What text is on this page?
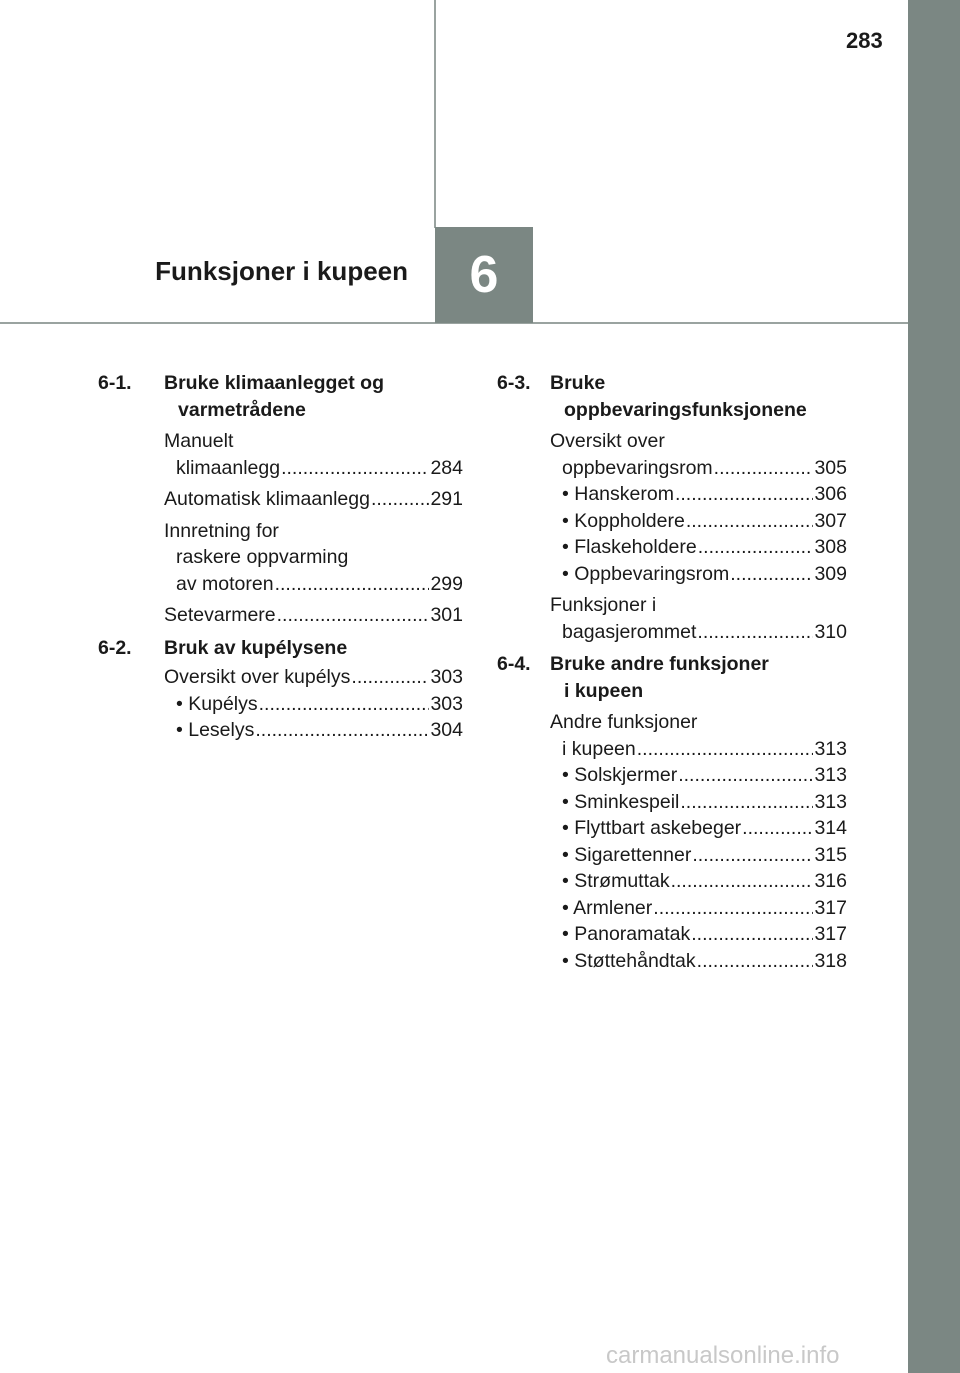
283
Funksjoner i kupeen 6
6-1. Bruke klimaanlegget og
varmetrådene
Manuelt
klimaanlegg .....	284
Automatisk klimaanlegg .....	291
Innretning for
raskere oppvarming
av motoren .....	299
Setevarmere .....	301
6-2. Bruk av kupélysene
Oversikt over kupélys .....	303
• Kupélys .....	303
• Leselys .....	304
6-3. Bruke
oppbevaringsfunksjonene
Oversikt over
oppbevaringsrom .....	305
• Hanskerom .....	306
• Koppholdere .....	307
• Flaskeholdere .....	308
• Oppbevaringsrom .....	309
Funksjoner i
bagasjerommet .....	310
6-4. Bruke andre funksjoner
i kupeen
Andre funksjoner
i kupeen .....	313
• Solskjermer .....	313
• Sminkespeil .....	313
• Flyttbart askebeger .....	314
• Sigarettenner .....	315
• Strømuttak .....	316
• Armlener .....	317
• Panoramatak .....	317
• Støttehåndtak .....	318
carmanualsonline.info
